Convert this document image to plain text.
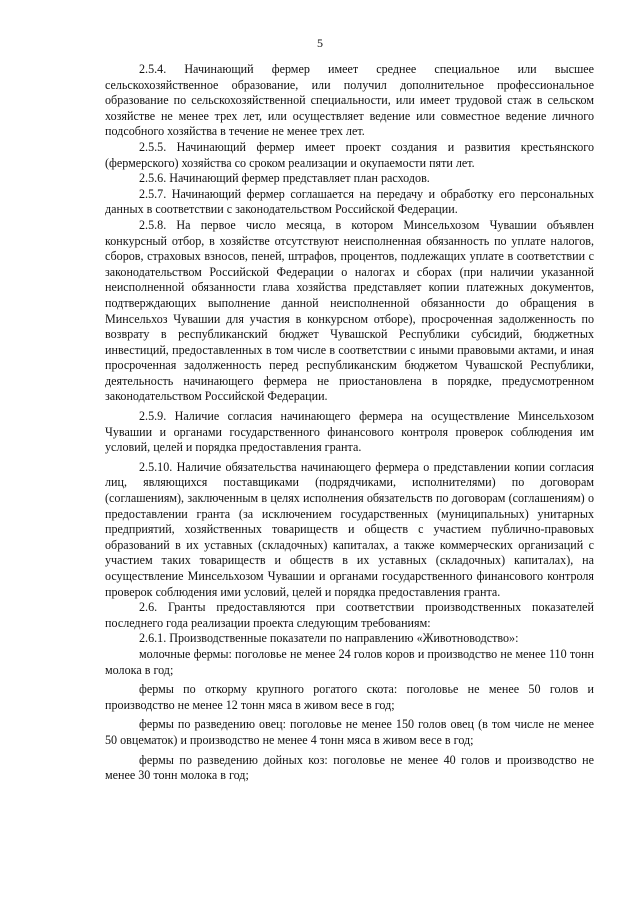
5

2.5.4. Начинающий фермер имеет среднее специальное или высшее сельскохозяйственное образование, или получил дополнительное профессиональное образование по сельскохозяйственной специальности, или имеет трудовой стаж в сельском хозяйстве не менее трех лет, или осуществляет ведение или совместное ведение личного подсобного хозяйства в течение не менее трех лет.

2.5.5. Начинающий фермер имеет проект создания и развития крестьянского (фермерского) хозяйства со сроком реализации и окупаемости пяти лет.

2.5.6. Начинающий фермер представляет план расходов.

2.5.7. Начинающий фермер соглашается на передачу и обработку его персональных данных в соответствии с законодательством Российской Федерации.

2.5.8. На первое число месяца, в котором Минсельхозом Чувашии объявлен конкурсный отбор, в хозяйстве отсутствуют неисполненная обязанность по уплате налогов, сборов, страховых взносов, пеней, штрафов, процентов, подлежащих уплате в соответствии с законодательством Российской Федерации о налогах и сборах (при наличии указанной неисполненной обязанности глава хозяйства представляет копии платежных документов, подтверждающих выполнение данной неисполненной обязанности до обращения в Минсельхоз Чувашии для участия в конкурсном отборе), просроченная задолженность по возврату в республиканский бюджет Чувашской Республики субсидий, бюджетных инвестиций, предоставленных в том числе в соответствии с иными правовыми актами, и иная просроченная задолженность перед республиканским бюджетом Чувашской Республики, деятельность начинающего фермера не приостановлена в порядке, предусмотренном законодательством Российской Федерации.

2.5.9. Наличие согласия начинающего фермера на осуществление Минсельхозом Чувашии и органами государственного финансового контроля проверок соблюдения им условий, целей и порядка предоставления гранта.

2.5.10. Наличие обязательства начинающего фермера о представлении копии согласия лиц, являющихся поставщиками (подрядчиками, исполнителями) по договорам (соглашениям), заключенным в целях исполнения обязательств по договорам (соглашениям) о предоставлении гранта (за исключением государственных (муниципальных) унитарных предприятий, хозяйственных товариществ и обществ с участием публично-правовых образований в их уставных (складочных) капиталах, а также коммерческих организаций с участием таких товариществ и обществ в их уставных (складочных) капиталах), на осуществление Минсельхозом Чувашии и органами государственного финансового контроля проверок соблюдения ими условий, целей и порядка предоставления гранта.

2.6. Гранты предоставляются при соответствии производственных показателей последнего года реализации проекта следующим требованиям:

2.6.1. Производственные показатели по направлению «Животноводство»:

молочные фермы: поголовье не менее 24 голов коров и производство не менее 110 тонн молока в год;

фермы по откорму крупного рогатого скота: поголовье не менее 50 голов и производство не менее 12 тонн мяса в живом весе в год;

фермы по разведению овец: поголовье не менее 150 голов овец (в том числе не менее 50 овцематок) и производство не менее 4 тонн мяса в живом весе в год;

фермы по разведению дойных коз: поголовье не менее 40 голов и производство не менее 30 тонн молока в год;
